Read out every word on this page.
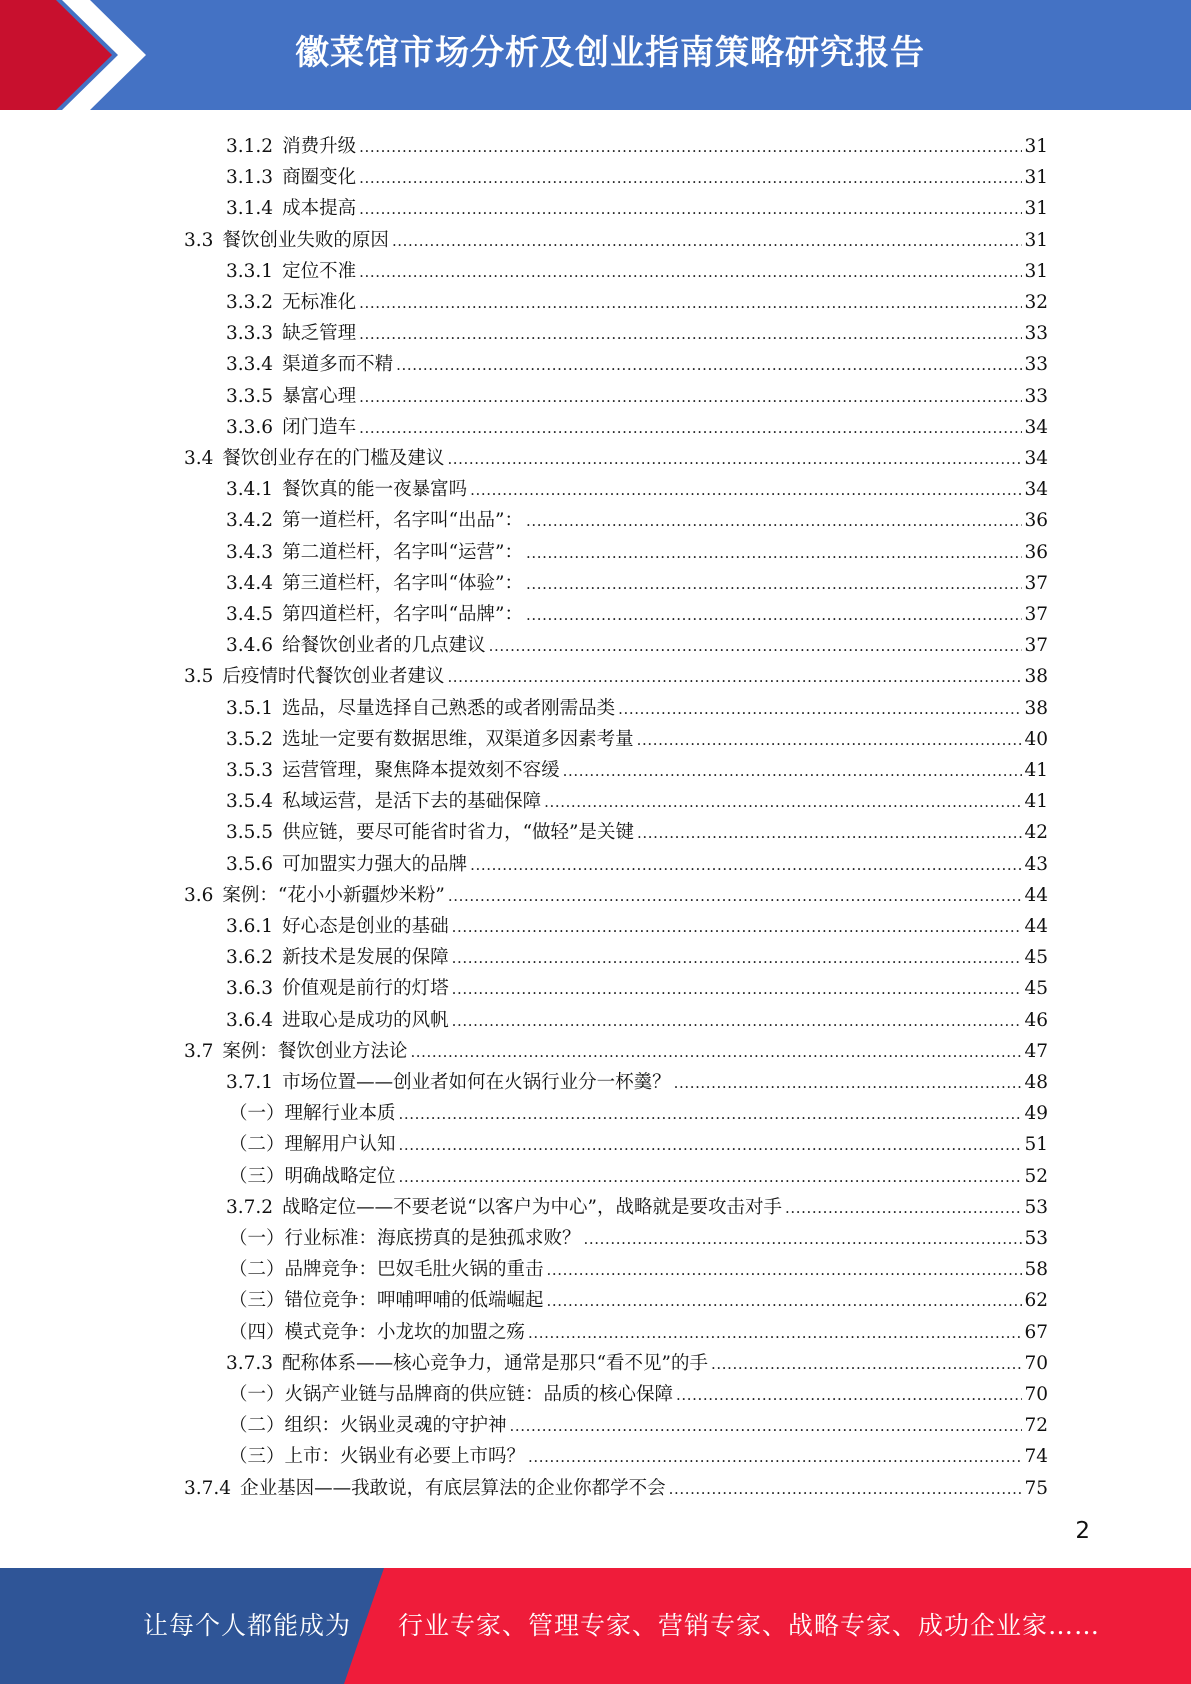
徽菜馆市场分析及创业指南策略研究报告
3.1.2 消费升级 .....	31
3.1.3 商圈变化 .....	31
3.1.4 成本提高 .....	31
3.3 餐饮创业失败的原因 .....	31
3.3.1 定位不准 .....	31
3.3.2 无标准化 .....	32
3.3.3 缺乏管理 .....	33
3.3.4 渠道多而不精 .....	33
3.3.5 暴富心理 .....	33
3.3.6 闭门造车 .....	34
3.4 餐饮创业存在的门槛及建议 .....	34
3.4.1 餐饮真的能一夜暴富吗 .....	34
3.4.2 第一道栏杆，名字叫“出品”： .....	36
3.4.3 第二道栏杆，名字叫“运营”： .....	36
3.4.4 第三道栏杆，名字叫“体验”： .....	37
3.4.5 第四道栏杆，名字叫“品牌”： .....	37
3.4.6 给餐饮创业者的几点建议 .....	37
3.5 后疫情时代餐饮创业者建议 .....	38
3.5.1 选品，尽量选择自己熟悉的或者刚需品类 .....	38
3.5.2 选址一定要有数据思维，双渠道多因素考量 .....	40
3.5.3 运营管理，聚焦降本提效刻不容缓 .....	41
3.5.4 私域运营，是活下去的基础保障 .....	41
3.5.5 供应链，要尽可能省时省力，“做轻”是关键 .....	42
3.5.6 可加盟实力强大的品牌 .....	43
3.6 案例：“花小小新疆炒米粉” .....	44
3.6.1 好心态是创业的基础 .....	44
3.6.2 新技术是发展的保障 .....	45
3.6.3 价值观是前行的灯塔 .....	45
3.6.4 进取心是成功的风帆 .....	46
3.7 案例：餐饮创业方法论 .....	47
3.7.1 市场位置——创业者如何在火锅行业分一杯羹？ .....	48
（一）理解行业本质 .....	49
（二）理解用户认知 .....	51
（三）明确战略定位 .....	52
3.7.2 战略定位——不要老说“以客户为中心”，战略就是要攻击对手 .....	53
（一）行业标准：海底捞真的是独孤求败？ .....	53
（二）品牌竞争：巴奴毛肚火锅的重击 .....	58
（三）错位竞争：呷哺呷哺的低端崛起 .....	62
（四）模式竞争：小龙坎的加盟之殇 .....	67
3.7.3 配称体系——核心竞争力，通常是那只“看不见”的手 .....	70
（一）火锅产业链与品牌商的供应链：品质的核心保障 .....	70
（二）组织：火锅业灵魂的守护神 .....	72
（三）上市：火锅业有必要上市吗？ .....	74
3.7.4 企业基因——我敢说，有底层算法的企业你都学不会 .....	75
2
让每个人都能成为 行业专家、管理专家、营销专家、战略专家、成功企业家……
